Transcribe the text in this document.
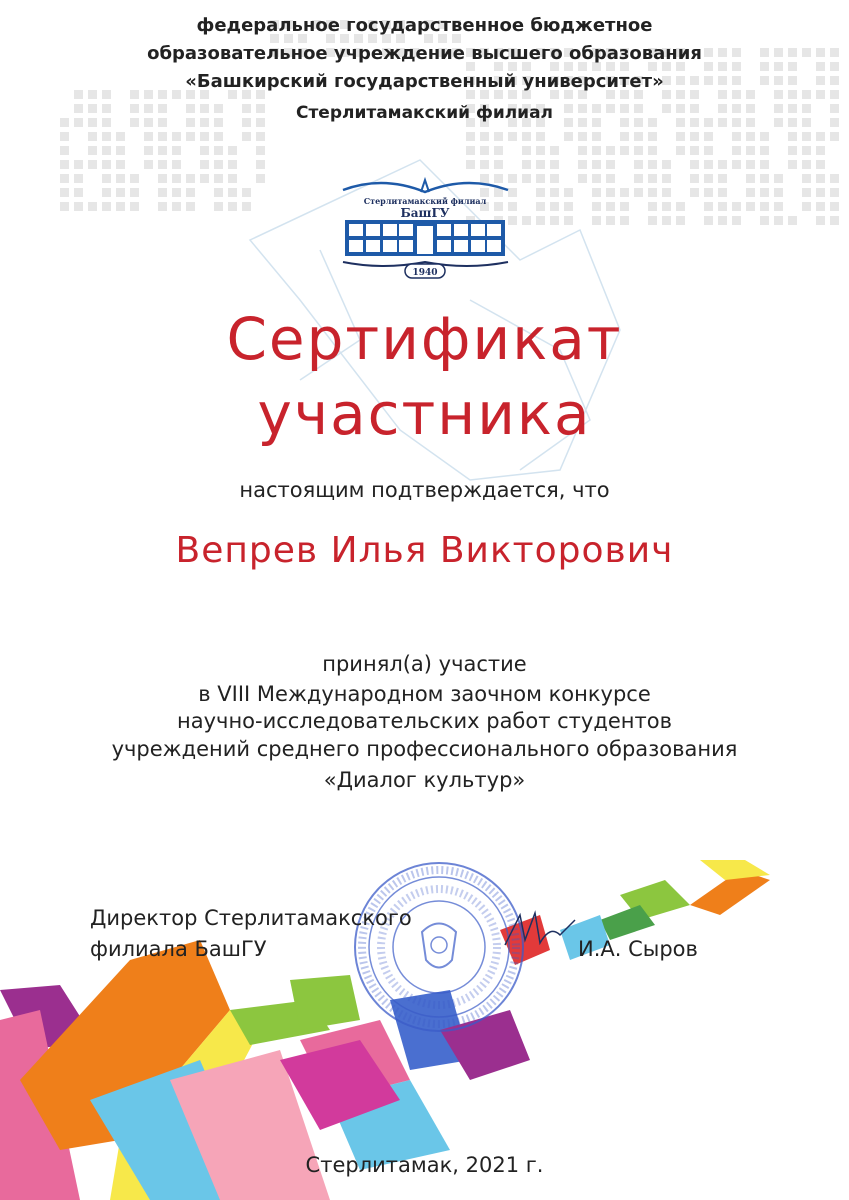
федеральное государственное бюджетное
образовательное учреждение высшего образования
«Башкирский государственный университет»
Стерлитамакский филиал
Стерлитамакский филиал
БашГУ
1940
Сертификат
участника
настоящим подтверждается, что
Вепрев Илья Викторович
принял(а) участие
в VIII Международном заочном конкурсе
научно-исследовательских работ студентов
учреждений среднего профессионального образования
«Диалог культур»
Директор Стерлитамакского
филиала БашГУ	И.А. Сыров
Стерлитамак, 2021 г.
